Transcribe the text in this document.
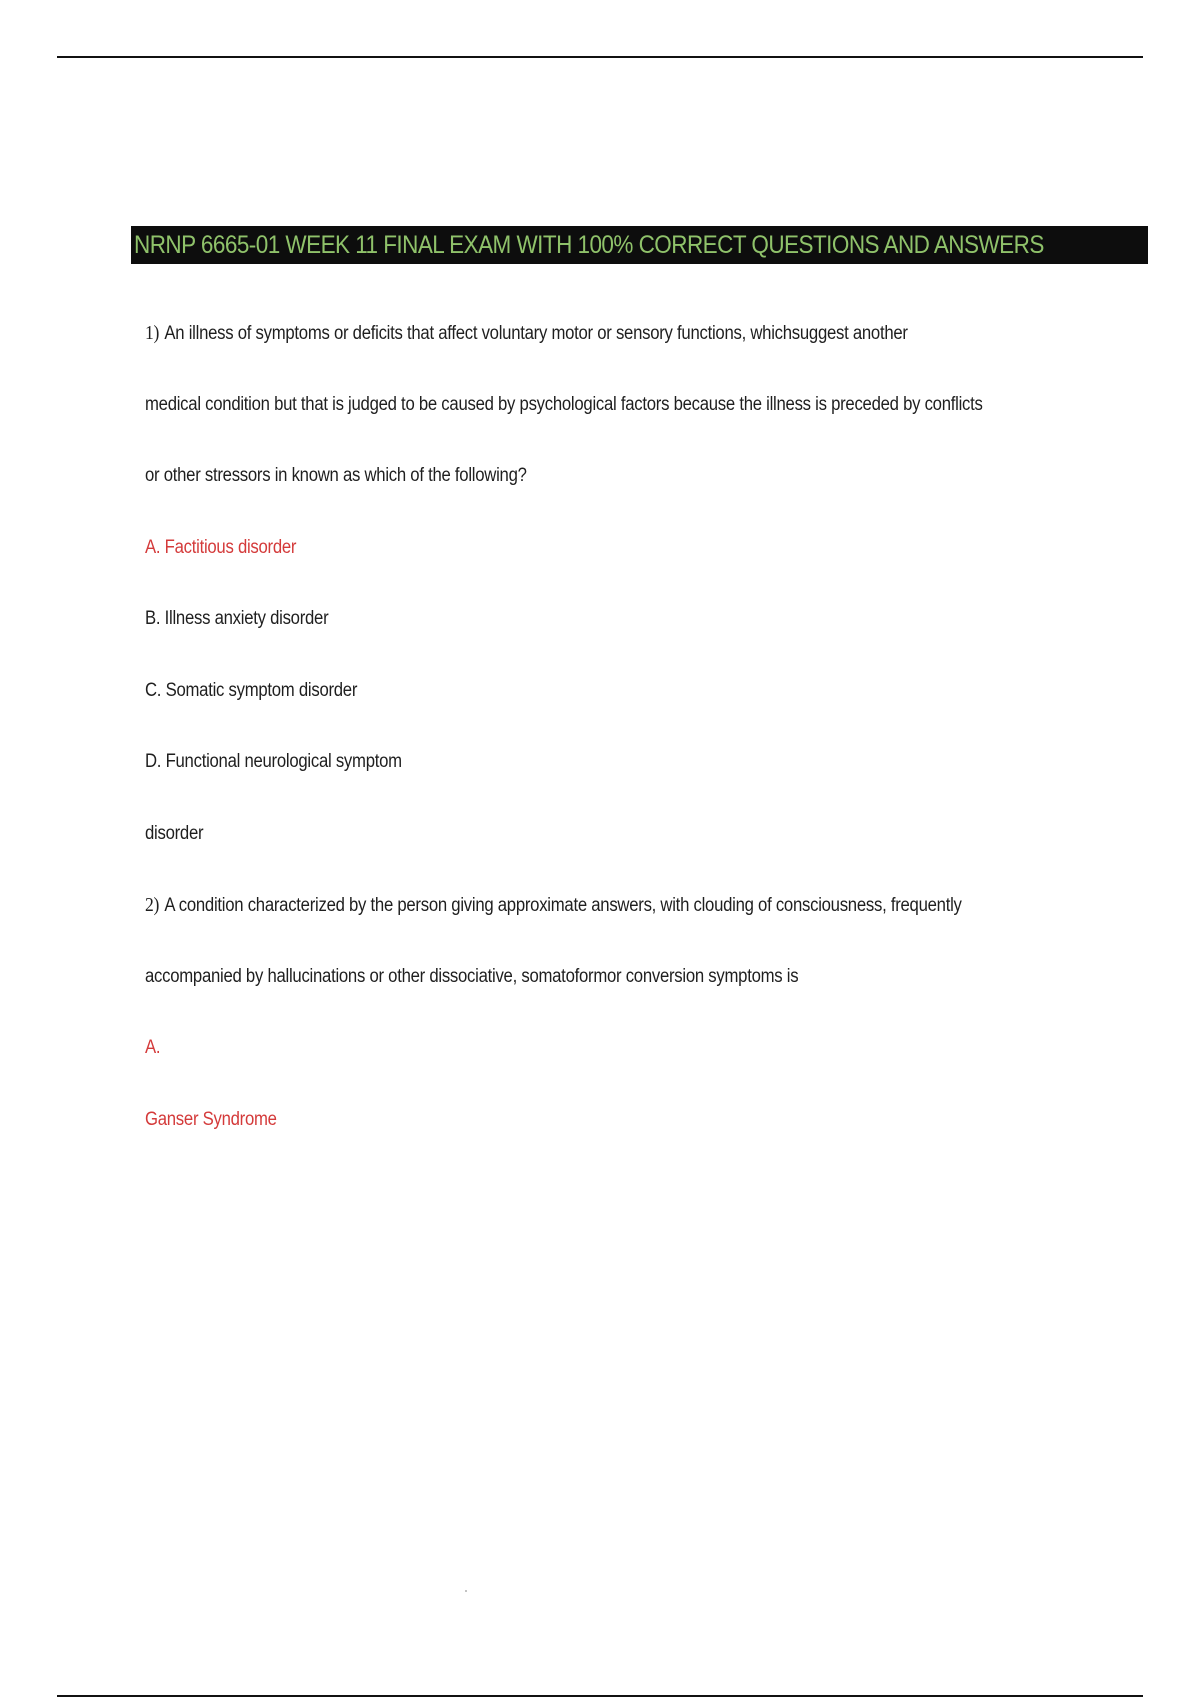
NRNP 6665-01 WEEK 11 FINAL EXAM WITH 100% CORRECT QUESTIONS AND ANSWERS
1) An illness of symptoms or deficits that affect voluntary motor or sensory functions, whichsuggest another
medical condition but that is judged to be caused by psychological factors because the illness is preceded by conflicts
or other stressors in known as which of the following?
A. Factitious disorder
B. Illness anxiety disorder
C. Somatic symptom disorder
D. Functional neurological symptom
disorder
2) A condition characterized by the person giving approximate answers, with clouding of consciousness, frequently
accompanied by hallucinations or other dissociative, somatoformor conversion symptoms is
A.
Ganser Syndrome
